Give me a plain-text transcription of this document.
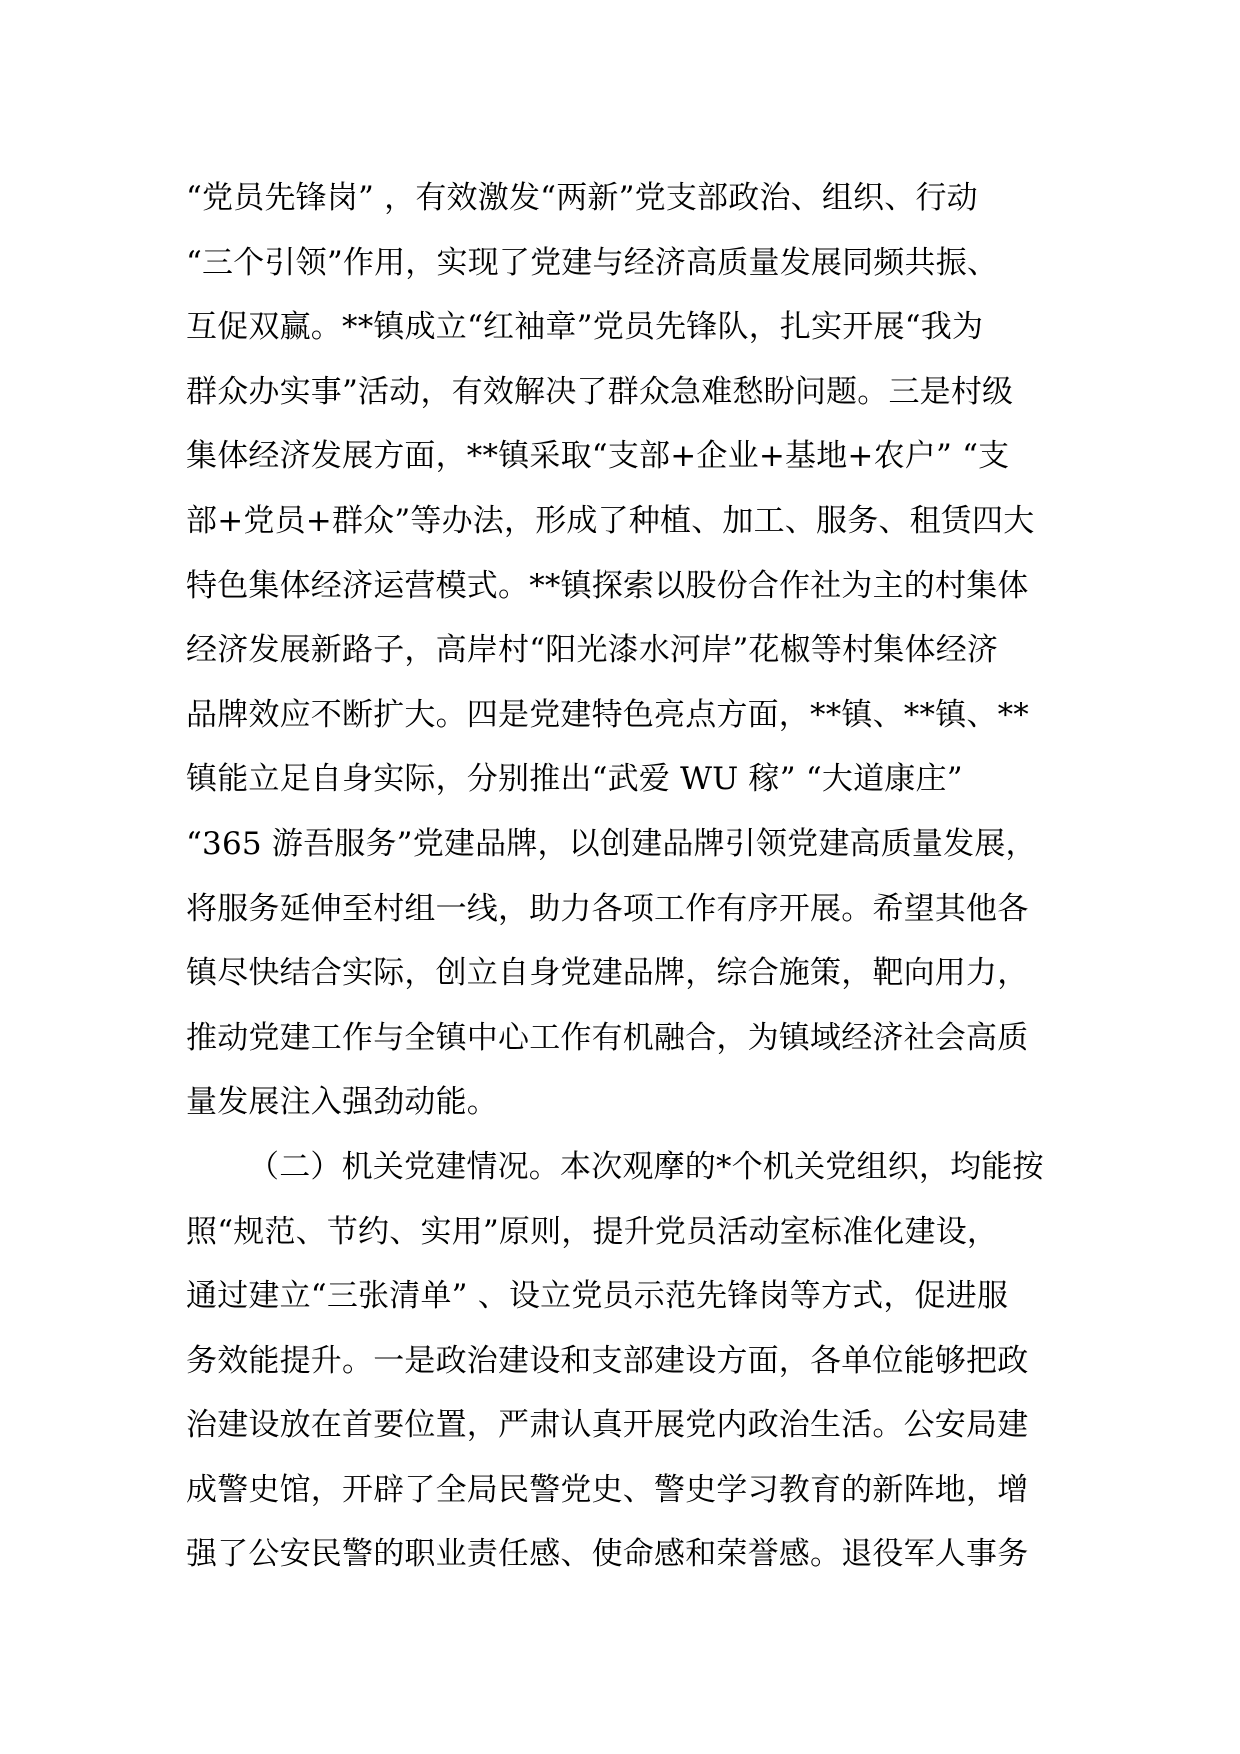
“党员先锋岗” ，有效激发“两新”党支部政治、组织、行动
“三个引领”作用，实现了党建与经济高质量发展同频共振、
互促双赢。**镇成立“红袖章”党员先锋队，扎实开展“我为
群众办实事”活动，有效解决了群众急难愁盼问题。三是村级
集体经济发展方面，**镇采取“支部+企业+基地+农户” “支
部+党员+群众”等办法，形成了种植、加工、服务、租赁四大
特色集体经济运营模式。**镇探索以股份合作社为主的村集体
经济发展新路子，高岸村“阳光漆水河岸”花椒等村集体经济
品牌效应不断扩大。四是党建特色亮点方面，**镇、**镇、**
镇能立足自身实际，分别推出“武爱 WU 稼” “大道康庄”
“365 游吾服务”党建品牌，以创建品牌引领党建高质量发展，
将服务延伸至村组一线，助力各项工作有序开展。希望其他各
镇尽快结合实际，创立自身党建品牌，综合施策，靶向用力，
推动党建工作与全镇中心工作有机融合，为镇域经济社会高质
量发展注入强劲动能。
（二）机关党建情况。本次观摩的*个机关党组织，均能按
照“规范、节约、实用”原则，提升党员活动室标准化建设，
通过建立“三张清单” 、设立党员示范先锋岗等方式，促进服
务效能提升。一是政治建设和支部建设方面，各单位能够把政
治建设放在首要位置，严肃认真开展党内政治生活。公安局建
成警史馆，开辟了全局民警党史、警史学习教育的新阵地，增
强了公安民警的职业责任感、使命感和荣誉感。退役军人事务
